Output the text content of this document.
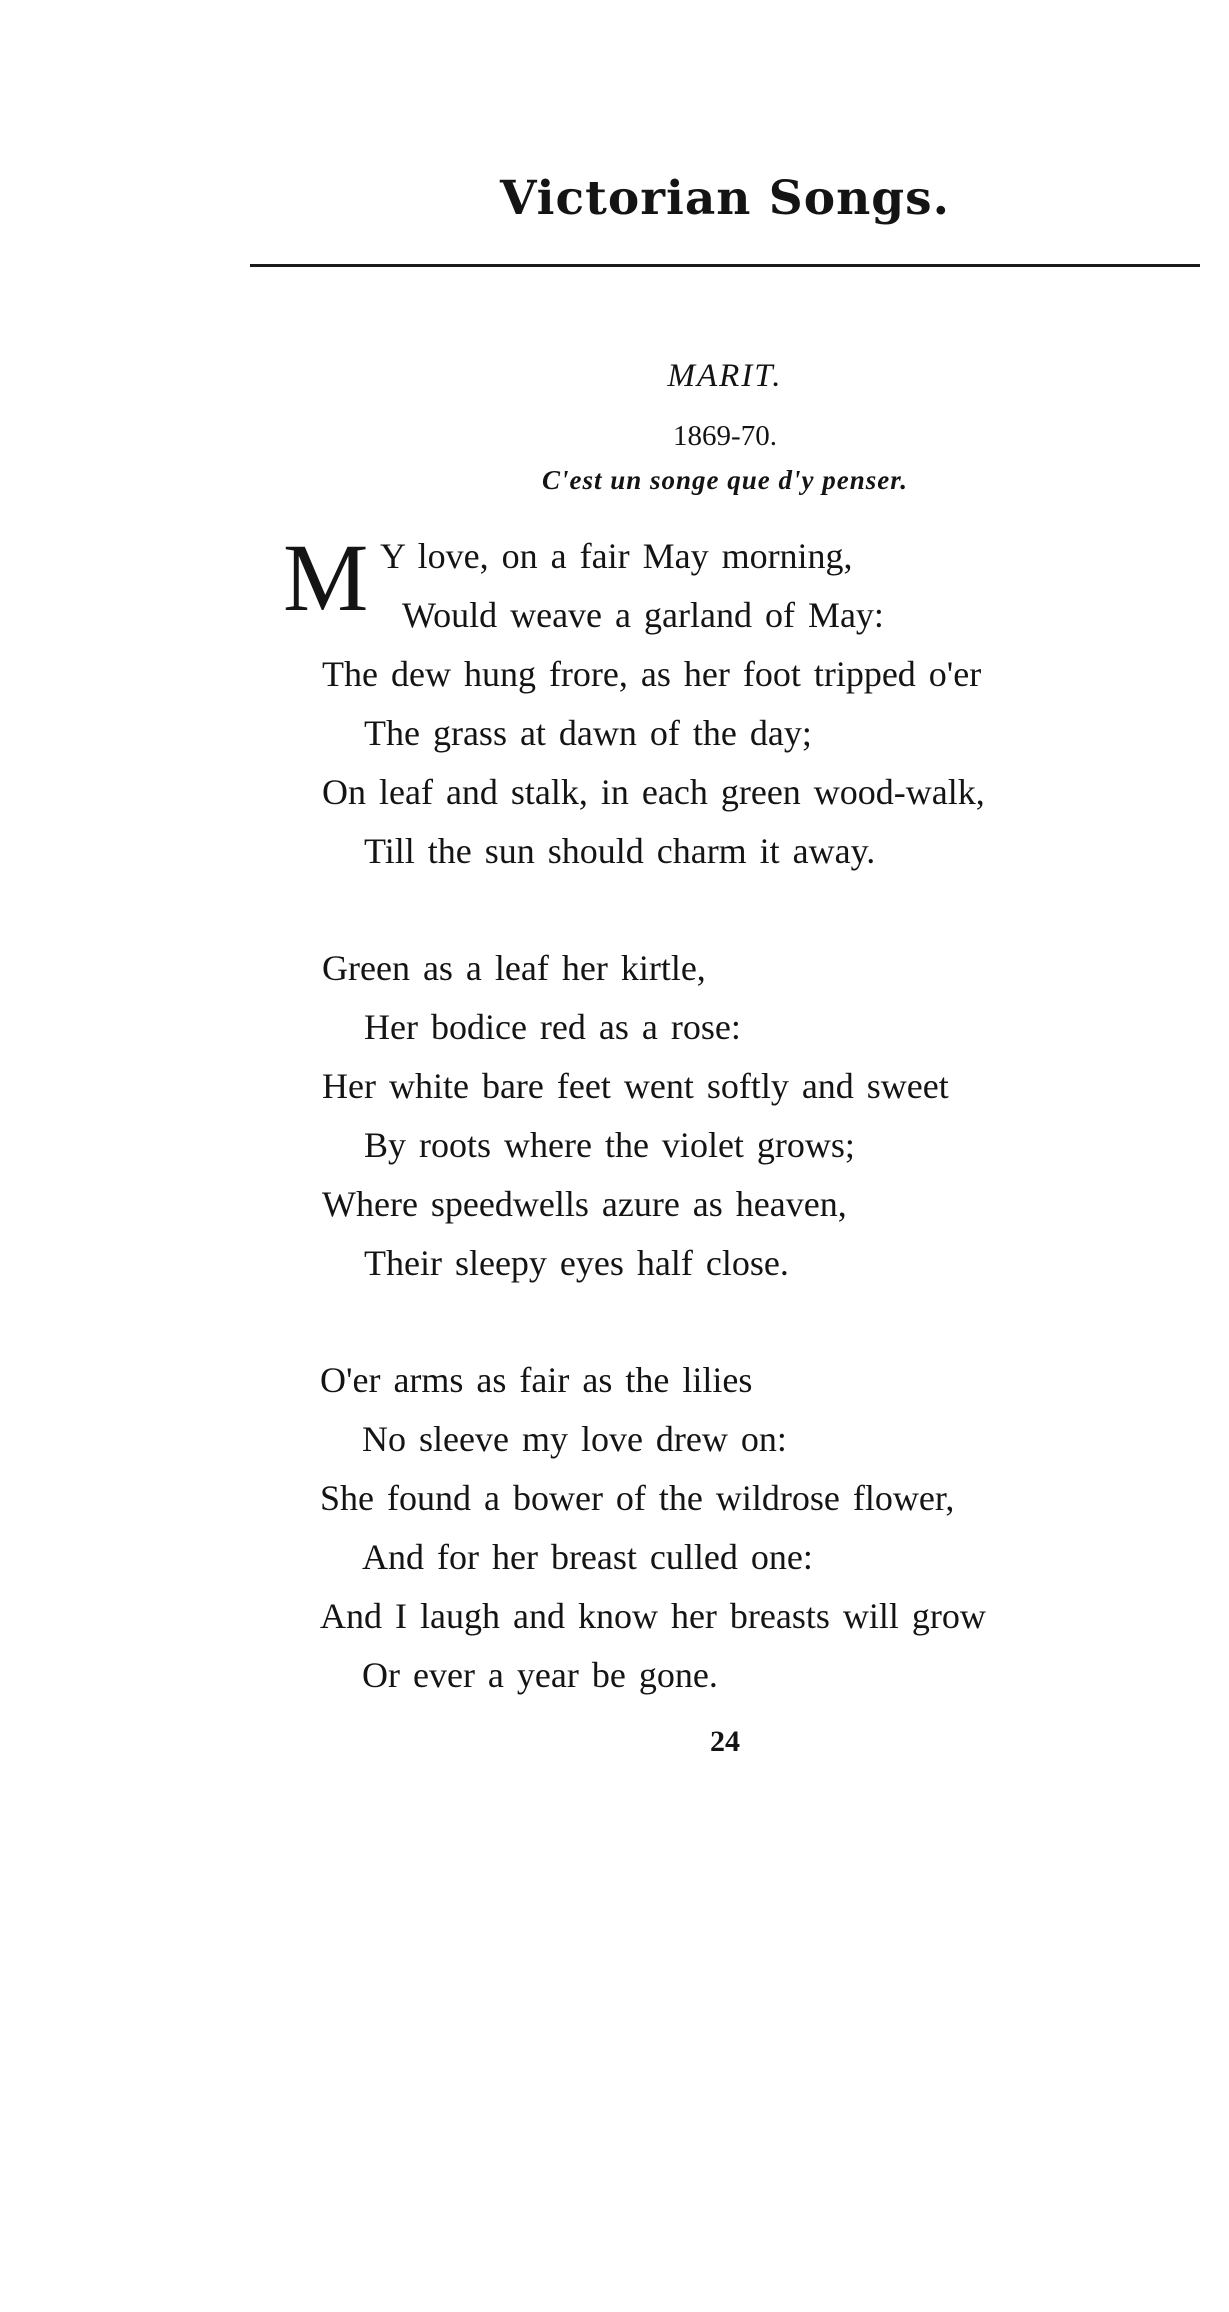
Victorian Songs.
MARIT.
1869-70.
C'est un songe que d'y penser.
M Y love, on a fair May morning,
Would weave a garland of May:
The dew hung frore, as her foot tripped o'er
The grass at dawn of the day;
On leaf and stalk, in each green wood-walk,
Till the sun should charm it away.
Green as a leaf her kirtle,
Her bodice red as a rose:
Her white bare feet went softly and sweet
By roots where the violet grows;
Where speedwells azure as heaven,
Their sleepy eyes half close.
O'er arms as fair as the lilies
No sleeve my love drew on:
She found a bower of the wildrose flower,
And for her breast culled one:
And I laugh and know her breasts will grow
Or ever a year be gone.
24
